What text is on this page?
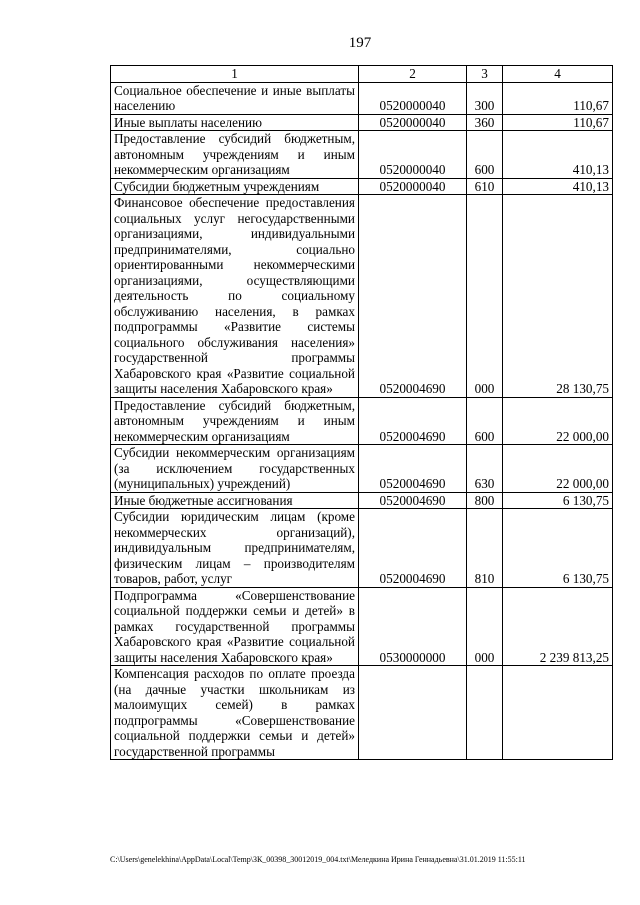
197
1	2	3	4
Социальное обеспечение и иные выплаты населению	0520000040	300	110,67
Иные выплаты населению	0520000040	360	110,67
Предоставление субсидий бюджетным, автономным учреждениям и иным некоммерческим организациям	0520000040	600	410,13
Субсидии бюджетным учреждениям	0520000040	610	410,13
Финансовое обеспечение предоставления социальных услуг негосударственными организациями, индивидуальными предпринимателями, социально ориентированными некоммерческими организациями, осуществляющими деятельность по социальному обслуживанию населения, в рамках подпрограммы «Развитие системы социального обслуживания населения» государственной программы Хабаровского края «Развитие социальной защиты населения Хабаровского края»	0520004690	000	28 130,75
Предоставление субсидий бюджетным, автономным учреждениям и иным некоммерческим организациям	0520004690	600	22 000,00
Субсидии некоммерческим организациям (за исключением государственных (муниципальных) учреждений)	0520004690	630	22 000,00
Иные бюджетные ассигнования	0520004690	800	6 130,75
Субсидии юридическим лицам (кроме некоммерческих организаций), индивидуальным предпринимателям, физическим лицам – производителям товаров, работ, услуг	0520004690	810	6 130,75
Подпрограмма «Совершенствование социальной поддержки семьи и детей» в рамках государственной программы Хабаровского края «Развитие социальной защиты населения Хабаровского края»	0530000000	000	2 239 813,25
Компенсация расходов по оплате проезда (на дачные участки школьникам из малоимущих семей) в рамках подпрограммы «Совершенствование социальной поддержки семьи и детей» государственной программы			
C:\Users\genelekhina\AppData\Local\Temp\ЗК_00398_30012019_004.txt\Меледкина Ирина Геннадьевна\31.01.2019 11:55:11
